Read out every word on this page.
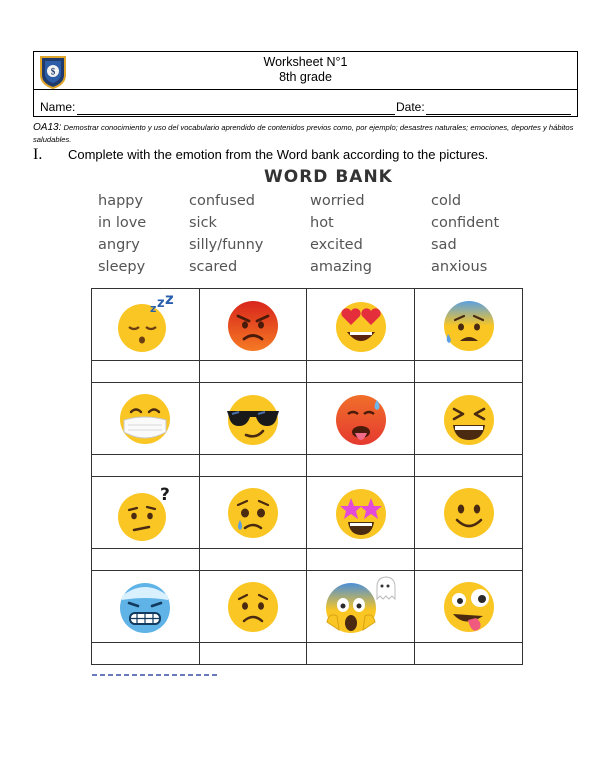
$
Worksheet N°1
8th grade
Name:	Date:
OA13: Demostrar conocimiento y uso del vocabulario aprendido de contenidos previos como, por ejemplo; desastres naturales; emociones, deportes y hábitos saludables.
I. Complete with the emotion from the Word bank according to the pictures.
WORD BANK
happy	confused	worried	cold
in love	sick	hot	confident
angry	silly/funny	excited	sad
sleepy	scared	amazing	anxious
z z z

?
